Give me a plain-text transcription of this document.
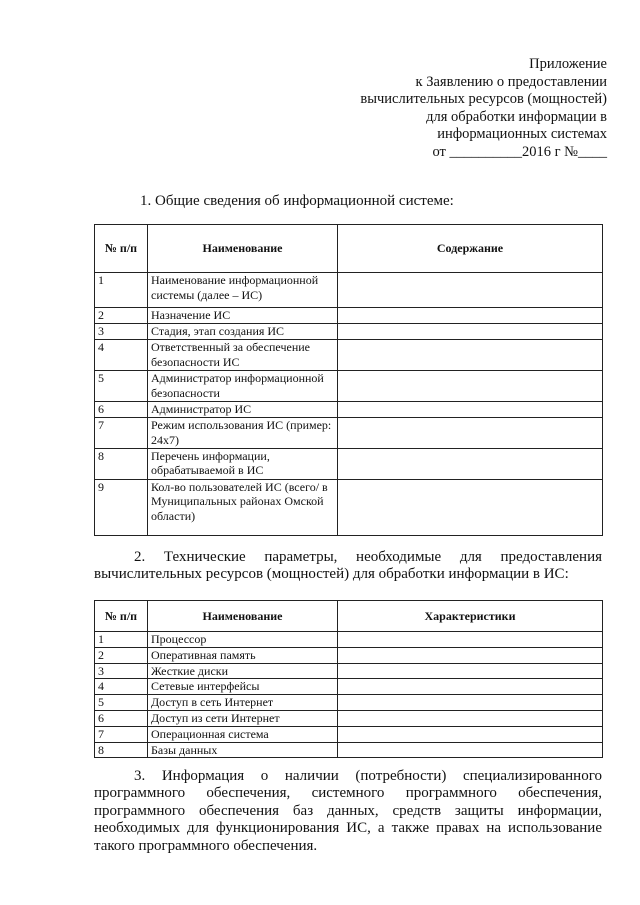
Приложение
к Заявлению о предоставлении
вычислительных ресурсов (мощностей)
для обработки информации в
информационных системах
от __________2016 г №____
1. Общие сведения об информационной системе:
№ п/п	Наименование	Содержание
1	Наименование информационной системы (далее – ИС)	
2	Назначение ИС	
3	Стадия, этап создания ИС	
4	Ответственный за обеспечение безопасности ИС	
5	Администратор информационной безопасности	
6	Администратор ИС	
7	Режим использования ИС (пример: 24х7)	
8	Перечень информации, обрабатываемой в ИС	
9	Кол-во пользователей ИС (всего/ в Муниципальных районах Омской области)	
2. Технические параметры, необходимые для предоставления вычислительных ресурсов (мощностей) для обработки информации в ИС:
№ п/п	Наименование	Характеристики
1	Процессор	
2	Оперативная память	
3	Жесткие диски	
4	Сетевые интерфейсы	
5	Доступ в сеть Интернет	
6	Доступ из сети Интернет	
7	Операционная система	
8	Базы данных	
3. Информация о наличии (потребности) специализированного программного обеспечения, системного программного обеспечения, программного обеспечения баз данных, средств защиты информации, необходимых для функционирования ИС, а также правах на использование такого программного обеспечения.
